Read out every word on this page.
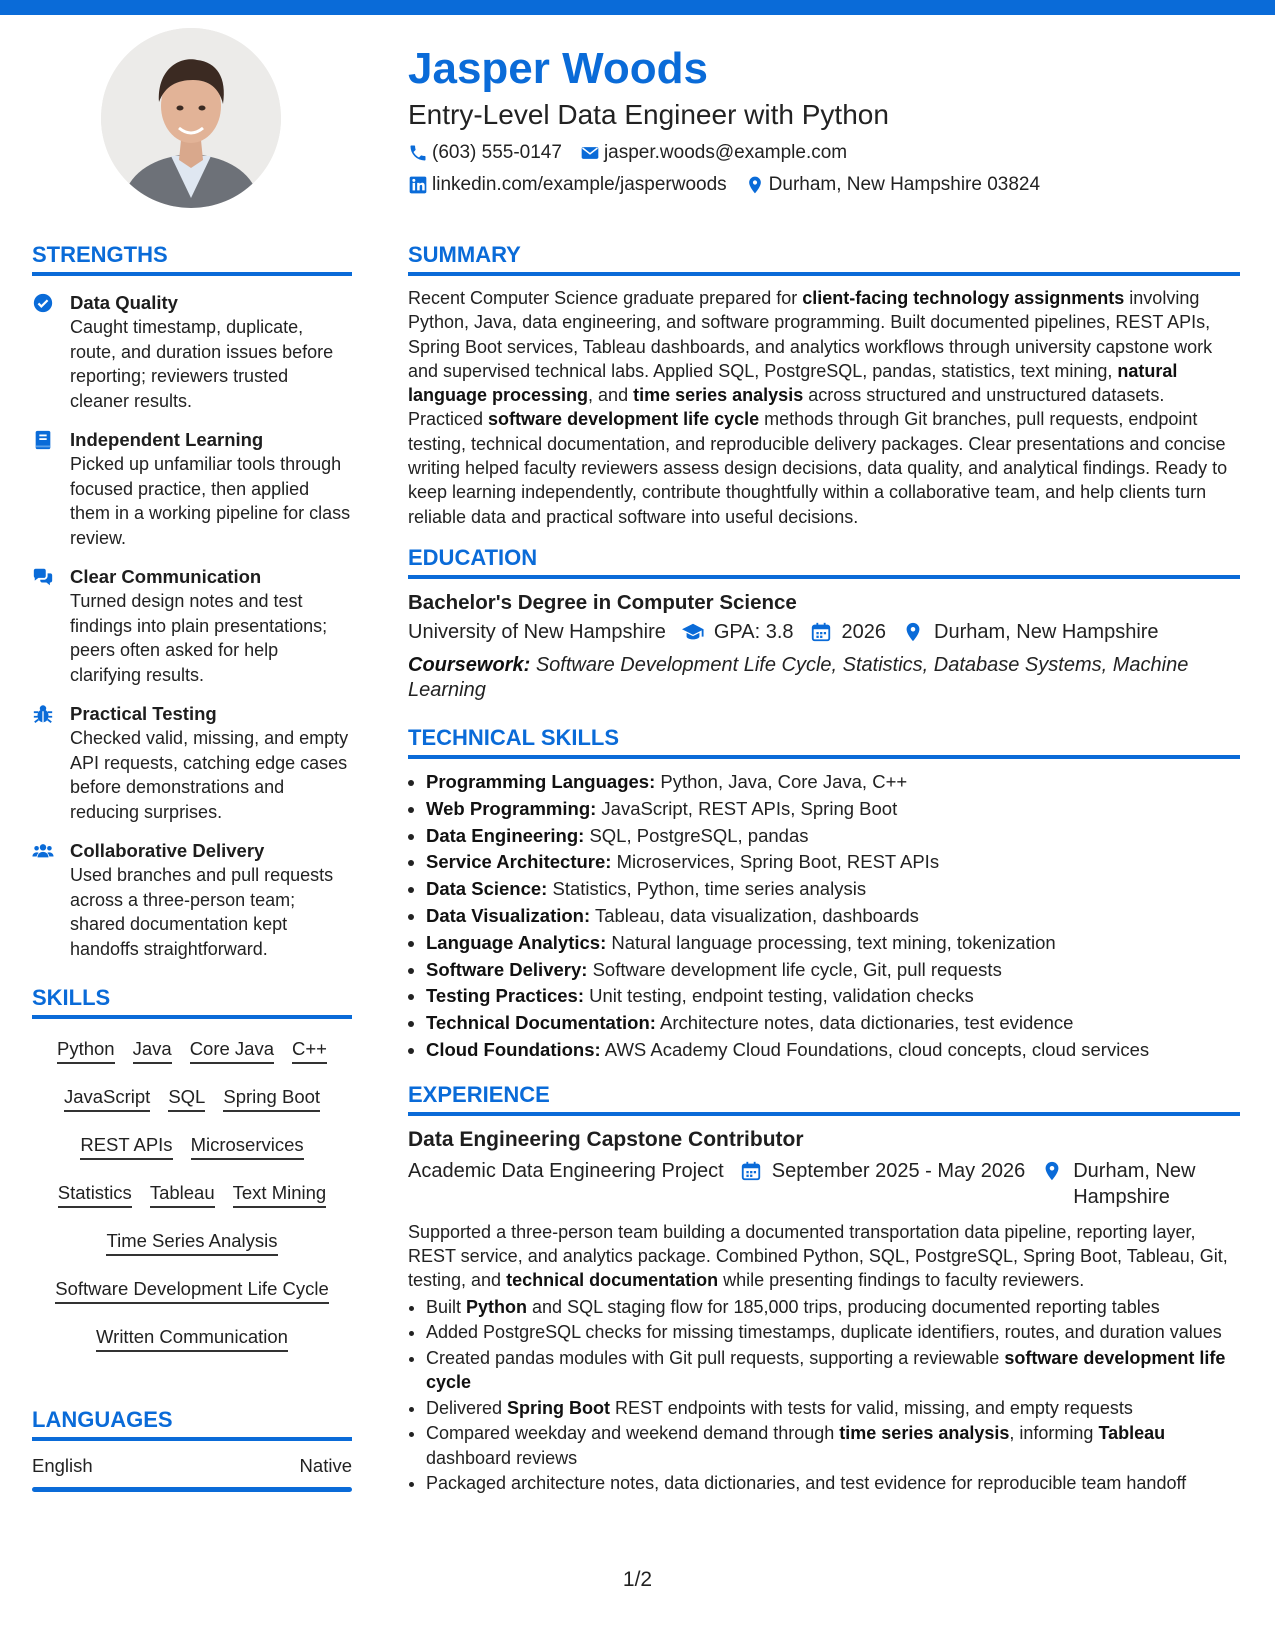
Jasper Woods
Entry-Level Data Engineer with Python
(603) 555-0147 jasper.woods@example.com
linkedin.com/example/jasperwoods Durham, New Hampshire 03824
STRENGTHS
Data Quality
Caught timestamp, duplicate, route, and duration issues before reporting; reviewers trusted cleaner results.
Independent Learning
Picked up unfamiliar tools through focused practice, then applied them in a working pipeline for class review.
Clear Communication
Turned design notes and test findings into plain presentations; peers often asked for help clarifying results.
Practical Testing
Checked valid, missing, and empty API requests, catching edge cases before demonstrations and reducing surprises.
Collaborative Delivery
Used branches and pull requests across a three-person team; shared documentation kept handoffs straightforward.
SKILLS
Python Java Core Java C++
JavaScript SQL Spring Boot
REST APIs Microservices
Statistics Tableau Text Mining
Time Series Analysis
Software Development Life Cycle
Written Communication
LANGUAGES
English	Native
SUMMARY

Recent Computer Science graduate prepared for client-facing technology assignments involving Python, Java, data engineering, and software programming. Built documented pipelines, REST APIs, Spring Boot services, Tableau dashboards, and analytics workflows through university capstone work and supervised technical labs. Applied SQL, PostgreSQL, pandas, statistics, text mining, natural language processing, and time series analysis across structured and unstructured datasets. Practiced software development life cycle methods through Git branches, pull requests, endpoint testing, technical documentation, and reproducible delivery packages. Clear presentations and concise writing helped faculty reviewers assess design decisions, data quality, and analytical findings. Ready to keep learning independently, contribute thoughtfully within a collaborative team, and help clients turn reliable data and practical software into useful decisions.

EDUCATION
Bachelor's Degree in Computer Science
University of New Hampshire GPA: 3.8 2026 Durham, New Hampshire
Coursework: Software Development Life Cycle, Statistics, Database Systems, Machine Learning
TECHNICAL SKILLS
• Programming Languages: Python, Java, Core Java, C++
• Web Programming: JavaScript, REST APIs, Spring Boot
• Data Engineering: SQL, PostgreSQL, pandas
• Service Architecture: Microservices, Spring Boot, REST APIs
• Data Science: Statistics, Python, time series analysis
• Data Visualization: Tableau, data visualization, dashboards
• Language Analytics: Natural language processing, text mining, tokenization
• Software Delivery: Software development life cycle, Git, pull requests
• Testing Practices: Unit testing, endpoint testing, validation checks
• Technical Documentation: Architecture notes, data dictionaries, test evidence
• Cloud Foundations: AWS Academy Cloud Foundations, cloud concepts, cloud services
EXPERIENCE
Data Engineering Capstone Contributor
Academic Data Engineering Project September 2025 - May 2026 Durham, New Hampshire

Supported a three-person team building a documented transportation data pipeline, reporting layer, REST service, and analytics package. Combined Python, SQL, PostgreSQL, Spring Boot, Tableau, Git, testing, and technical documentation while presenting findings to faculty reviewers.

• Built Python and SQL staging flow for 185,000 trips, producing documented reporting tables
• Added PostgreSQL checks for missing timestamps, duplicate identifiers, routes, and duration values
• Created pandas modules with Git pull requests, supporting a reviewable software development life cycle
• Delivered Spring Boot REST endpoints with tests for valid, missing, and empty requests
• Compared weekday and weekend demand through time series analysis, informing Tableau dashboard reviews
• Packaged architecture notes, data dictionaries, and test evidence for reproducible team handoff
1/2
